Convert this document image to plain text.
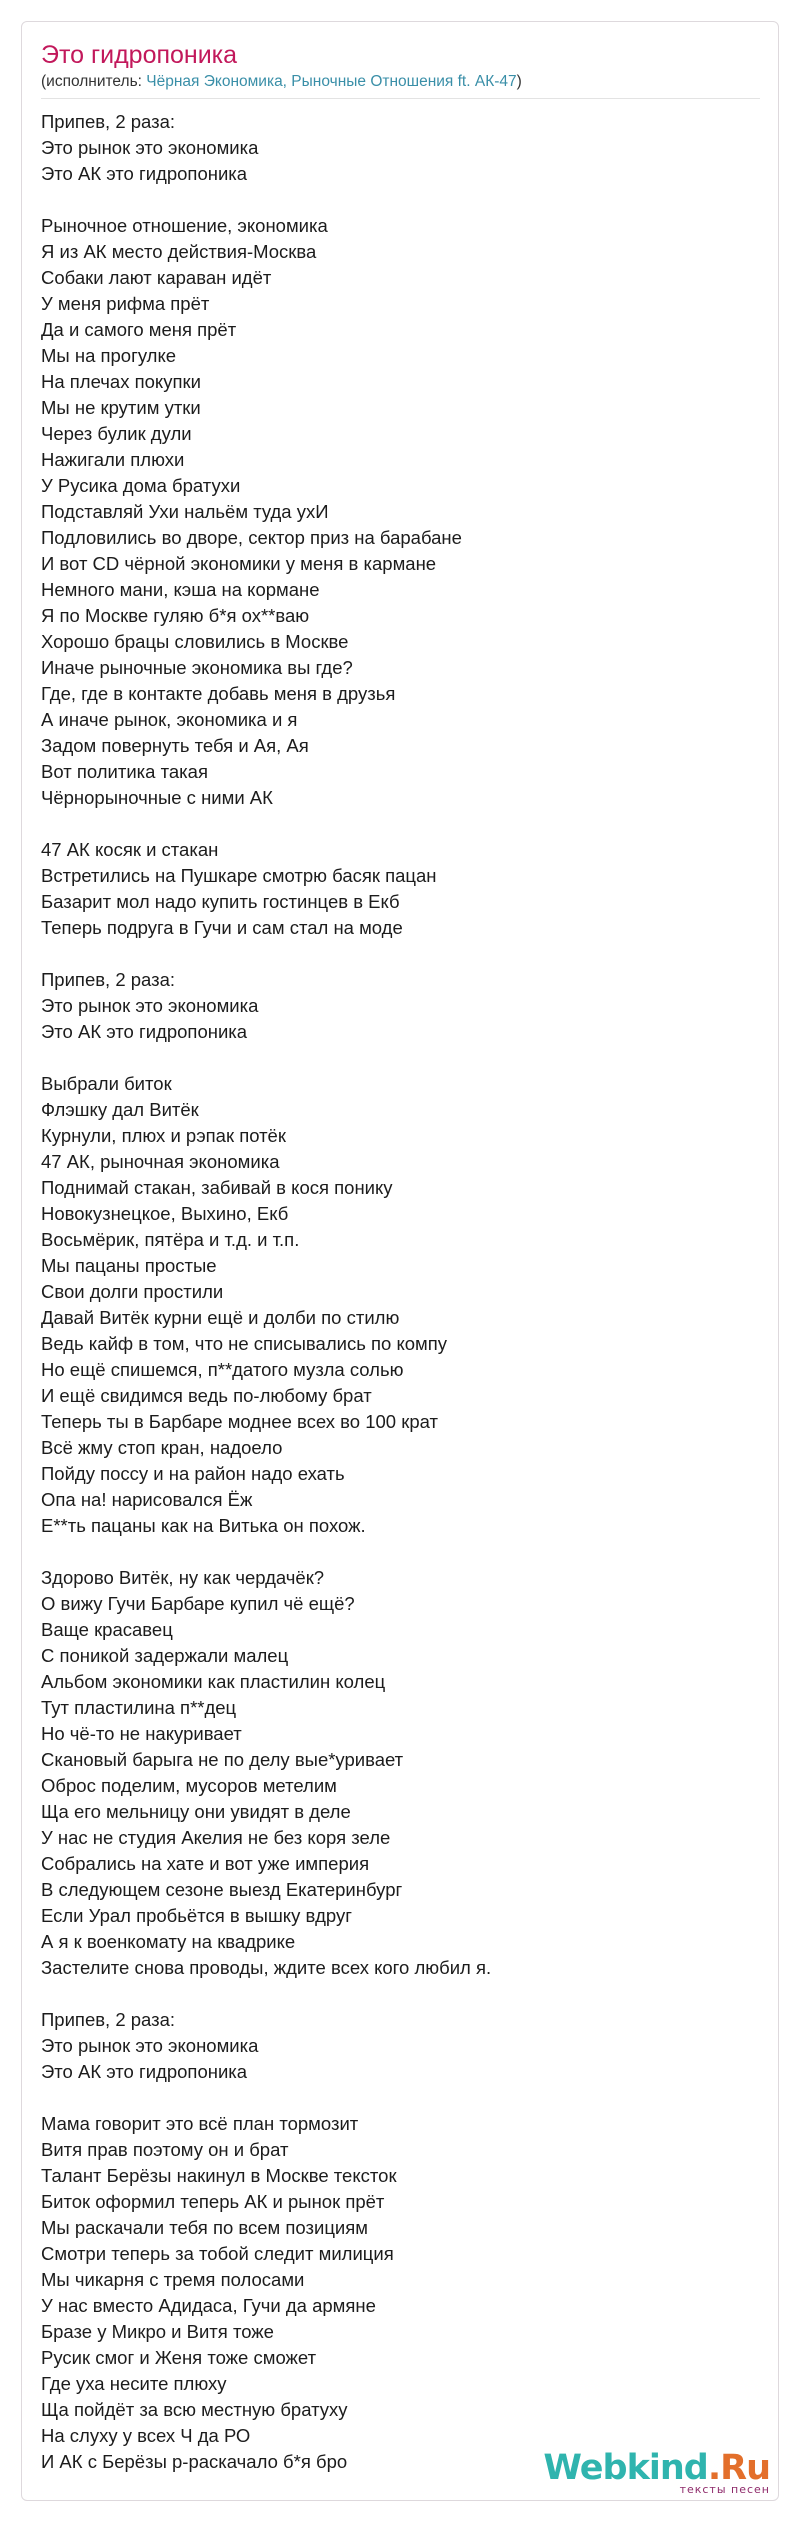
Это гидропоника
(исполнитель: Чёрная Экономика, Рыночные Отношения ft. АК-47)
Припев, 2 раза:
Это рынок это экономика
Это АК это гидропоника
Рыночное отношение, экономика
Я из АК место действия-Москва
Собаки лают караван идёт
У меня рифма прёт
Да и самого меня прёт
Мы на прогулке
На плечах покупки
Мы не крутим утки
Через булик дули
Нажигали плюхи
У Русика дома братухи
Подставляй Ухи нальём туда ухИ
Подловились во дворе, сектор приз на барабане
И вот CD чёрной экономики у меня в кармане
Немного мани, кэша на кормане
Я по Москве гуляю б*я ох**ваю
Хорошо брацы словились в Москве
Иначе рыночные экономика вы где?
Где, где в контакте добавь меня в друзья
А иначе рынок, экономика и я
Задом повернуть тебя и Ая, Ая
Вот политика такая
Чёрнорыночные с ними АК
47 АК косяк и стакан
Встретились на Пушкаре смотрю басяк пацан
Базарит мол надо купить гостинцев в Екб
Теперь подруга в Гучи и сам стал на моде
Припев, 2 раза:
Это рынок это экономика
Это АК это гидропоника
Выбрали биток
Флэшку дал Витёк
Курнули, плюх и рэпак потёк
47 АК, рыночная экономика
Поднимай стакан, забивай в кося понику
Новокузнецкое, Выхино, Екб
Восьмёрик, пятёра и т.д. и т.п.
Мы пацаны простые
Свои долги простили
Давай Витёк курни ещё и долби по стилю
Ведь кайф в том, что не списывались по компу
Но ещё спишемся, п**датого музла солью
И ещё свидимся ведь по-любому брат
Теперь ты в Барбаре моднее всех во 100 крат
Всё жму стоп кран, надоело
Пойду поссу и на район надо ехать
Опа на! нарисовался Ёж
Е**ть пацаны как на Витька он похож.
Здорово Витёк, ну как чердачёк?
О вижу Гучи Барбаре купил чё ещё?
Ваще красавец
С поникой задержали малец
Альбом экономики как пластилин колец
Тут пластилина п**дец
Но чё-то не накуривает
Скановый барыга не по делу вые*уривает
Оброс поделим, мусоров метелим
Ща его мельницу они увидят в деле
У нас не студия Акелия не без коря зеле
Собрались на хате и вот уже империя
В следующем сезоне выезд Екатеринбург
Если Урал пробьётся в вышку вдруг
А я к военкомату на квадрике
Застелите снова проводы, ждите всех кого любил я.
Припев, 2 раза:
Это рынок это экономика
Это АК это гидропоника
Мама говорит это всё план тормозит
Витя прав поэтому он и брат
Талант Берёзы накинул в Москве тексток
Биток оформил теперь АК и рынок прёт
Мы раскачали тебя по всем позициям
Смотри теперь за тобой следит милиция
Мы чикарня с тремя полосами
У нас вместо Адидаса, Гучи да армяне
Бразе у Микро и Витя тоже
Русик смог и Женя тоже сможет
Где уха несите плюху
Ща пойдёт за всю местную братуху
На слуху у всех Ч да РО
И АК с Берёзы р-раскачало б*я бро	Webkind.Ru
тексты песен
